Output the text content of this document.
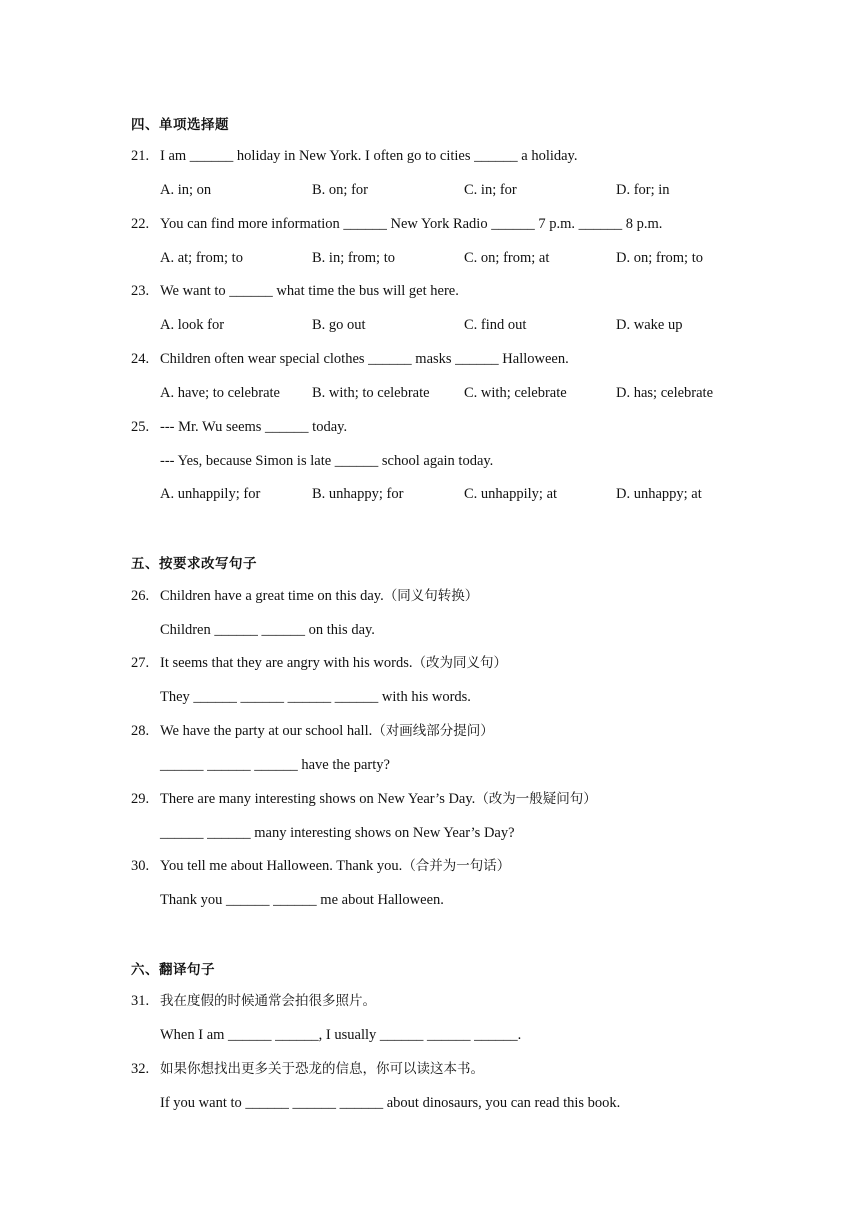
四、单项选择题
21. I am ______ holiday in New York. I often go to cities ______ a holiday.
A. in; on	B. on; for	C. in; for	D. for; in
22. You can find more information ______ New York Radio ______ 7 p.m. ______ 8 p.m.
A. at; from; to	B. in; from; to	C. on; from; at	D. on; from; to
23. We want to ______ what time the bus will get here.
A. look for	B. go out	C. find out	D. wake up
24. Children often wear special clothes ______ masks ______ Halloween.
A. have; to celebrate B. with; to celebrate C. with; celebrate	D. has; celebrate
25. --- Mr. Wu seems ______ today.
--- Yes, because Simon is late ______ school again today.
A. unhappily; for	B. unhappy; for	C. unhappily; at	D. unhappy; at
五、按要求改写句子
26. Children have a great time on this day.（同义句转换）
Children ______ ______ on this day.
27. It seems that they are angry with his words.（改为同义句）
They ______ ______ ______ ______ with his words.
28. We have the party at our school hall.（对画线部分提问）
______ ______ ______ have the party?
29. There are many interesting shows on New Year’s Day.（改为一般疑问句）
______ ______ many interesting shows on New Year’s Day?
30. You tell me about Halloween. Thank you.（合并为一句话）
Thank you ______ ______ me about Halloween.
六、翻译句子
31. 我在度假的时候通常会拍很多照片。
When I am ______ ______, I usually ______ ______ ______.
32. 如果你想找出更多关于恐龙的信息，你可以读这本书。
If you want to ______ ______ ______ about dinosaurs, you can read this book.
